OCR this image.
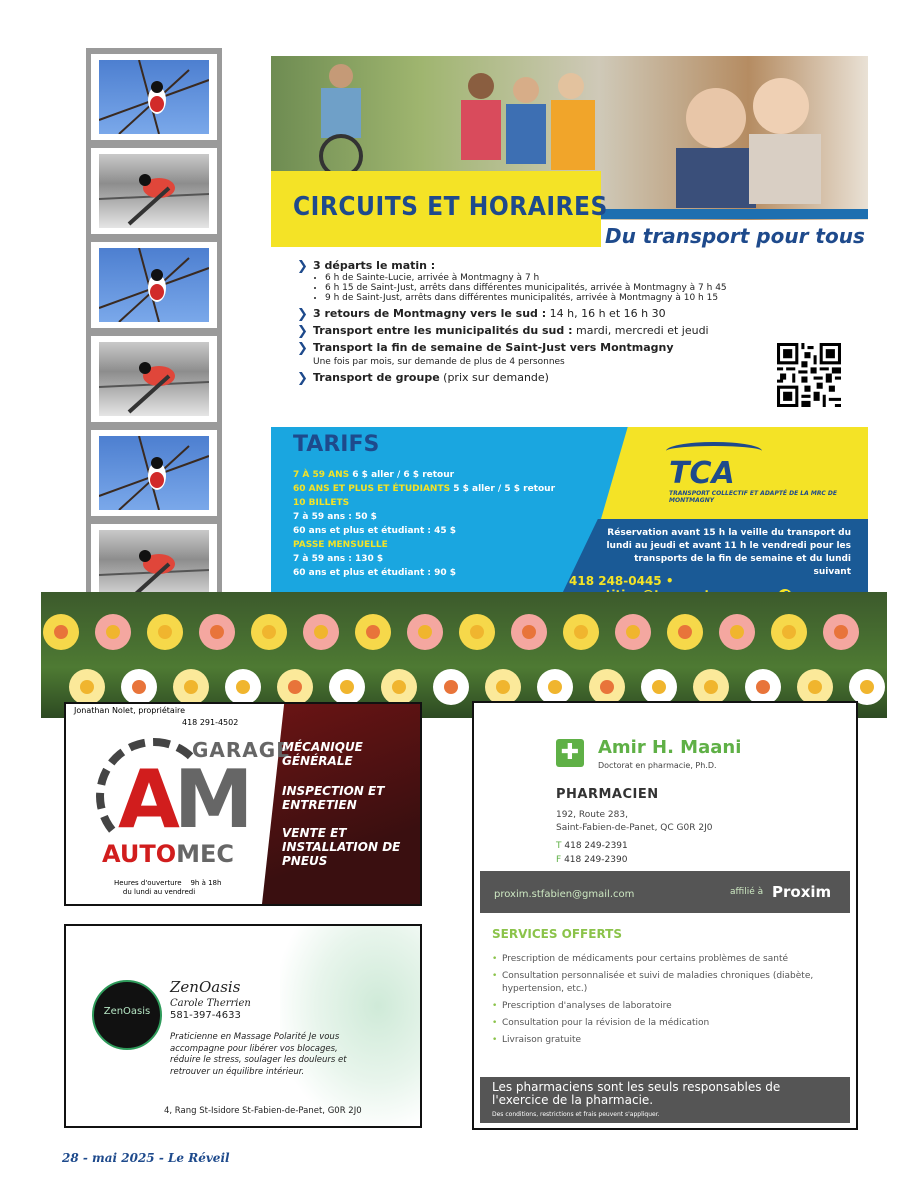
CIRCUITS ET HORAIRES
Du transport pour tous
❯ 3 départs le matin :
• 6 h de Sainte-Lucie, arrivée à Montmagny à 7 h
• 6 h 15 de Saint-Just, arrêts dans différentes municipalités, arrivée à Montmagny à 7 h 45
• 9 h de Saint-Just, arrêts dans différentes municipalités, arrivée à Montmagny à 10 h 15
❯ 3 retours de Montmagny vers le sud : 14 h, 16 h et 16 h 30
❯ Transport entre les municipalités du sud : mardi, mercredi et jeudi
❯ Transport la fin de semaine de Saint-Just vers Montmagny
Une fois par mois, sur demande de plus de 4 personnes
❯ Transport de groupe (prix sur demande)
TARIFS
7 À 59 ANS 6 $ aller / 6 $ retour
60 ANS ET PLUS ET ÉTUDIANTS 5 $ aller / 5 $ retour
10 BILLETS
7 à 59 ans : 50 $
60 ans et plus et étudiant : 45 $
PASSE MENSUELLE
7 à 59 ans : 130 $
60 ans et plus et étudiant : 90 $
TCA
TRANSPORT COLLECTIF ET ADAPTÉ DE LA MRC DE MONTMAGNY
Réservation avant 15 h la veille du transport du lundi au jeudi et avant 11 h le vendredi pour les transports de la fin de semaine et du lundi suivant
418 248-0445 •
Jonathan Nolet, propriétaire
418 291-4502
GARAGE
AM
AUTOMEC
MÉCANIQUE GÉNÉRALE
INSPECTION ET ENTRETIEN
VENTE ET INSTALLATION DE PNEUS
Heures d'ouverture 9h à 18h
du lundi au vendredi
✚ Amir H. Maani
Doctorat en pharmacie, Ph.D.
PHARMACIEN
192, Route 283,
Saint-Fabien-de-Panet, QC G0R 2J0
T 418 249-2391
F 418 249-2390
proxim.stfabien@gmail.com	affilié à Proxim
SERVICES OFFERTS
• Prescription de médicaments pour certains problèmes de santé
• Consultation personnalisée et suivi de maladies chroniques (diabète, hypertension, etc.)
• Prescription d'analyses de laboratoire
• Consultation pour la révision de la médication
• Livraison gratuite
Les pharmaciens sont les seuls responsables de l'exercice de la pharmacie.
Des conditions, restrictions et frais peuvent s'appliquer.
ZenOasis
ZenOasis
Carole Therrien
581-397-4633
Praticienne en Massage Polarité Je vous accompagne pour libérer vos blocages, réduire le stress, soulager les douleurs et retrouver un équilibre intérieur.
4, Rang St-Isidore St-Fabien-de-Panet, G0R 2J0
28 - mai 2025 - Le Réveil
